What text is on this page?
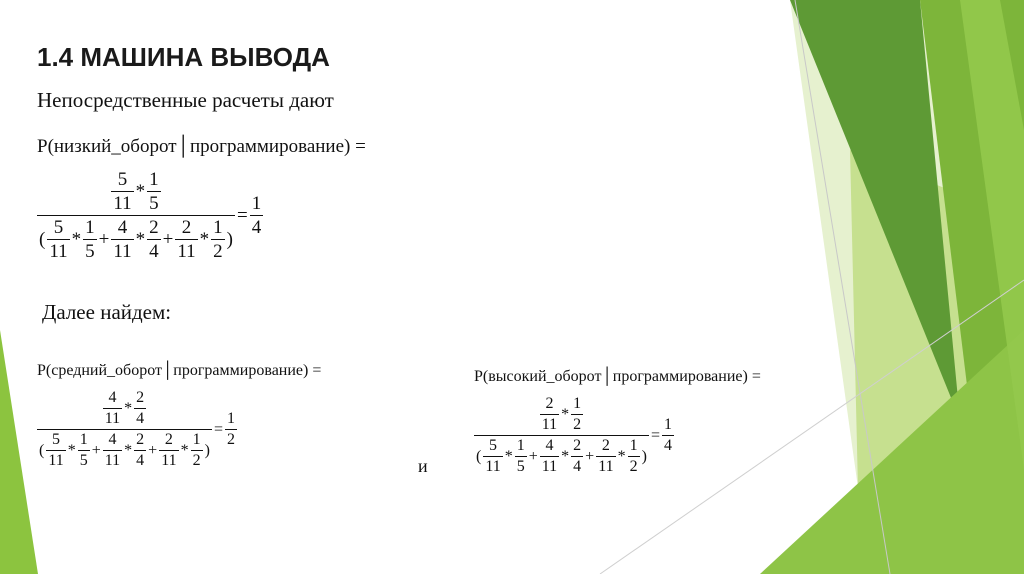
1.4 МАШИНА ВЫВОДА
Непосредственные расчеты дают
P(низкий_оборот│программирование) =
$\frac{\frac{5}{11} * \frac{1}{5}}{( \frac{5}{11} * \frac{1}{5} + \frac{4}{11} * \frac{2}{4} + \frac{2}{11} * \frac{1}{2} )} = \frac{1}{4}$
Далее найдем:
P(средний_оборот│программирование) =
$\frac{\frac{4}{11} * \frac{2}{4}}{( \frac{5}{11} * \frac{1}{5} + \frac{4}{11} * \frac{2}{4} + \frac{2}{11} * \frac{1}{2} )} = \frac{1}{2}$
и
P(высокий_оборот│программирование) =
$\frac{\frac{2}{11} * \frac{1}{2}}{( \frac{5}{11} * \frac{1}{5} + \frac{4}{11} * \frac{2}{4} + \frac{2}{11} * \frac{1}{2} )} = \frac{1}{4}$
